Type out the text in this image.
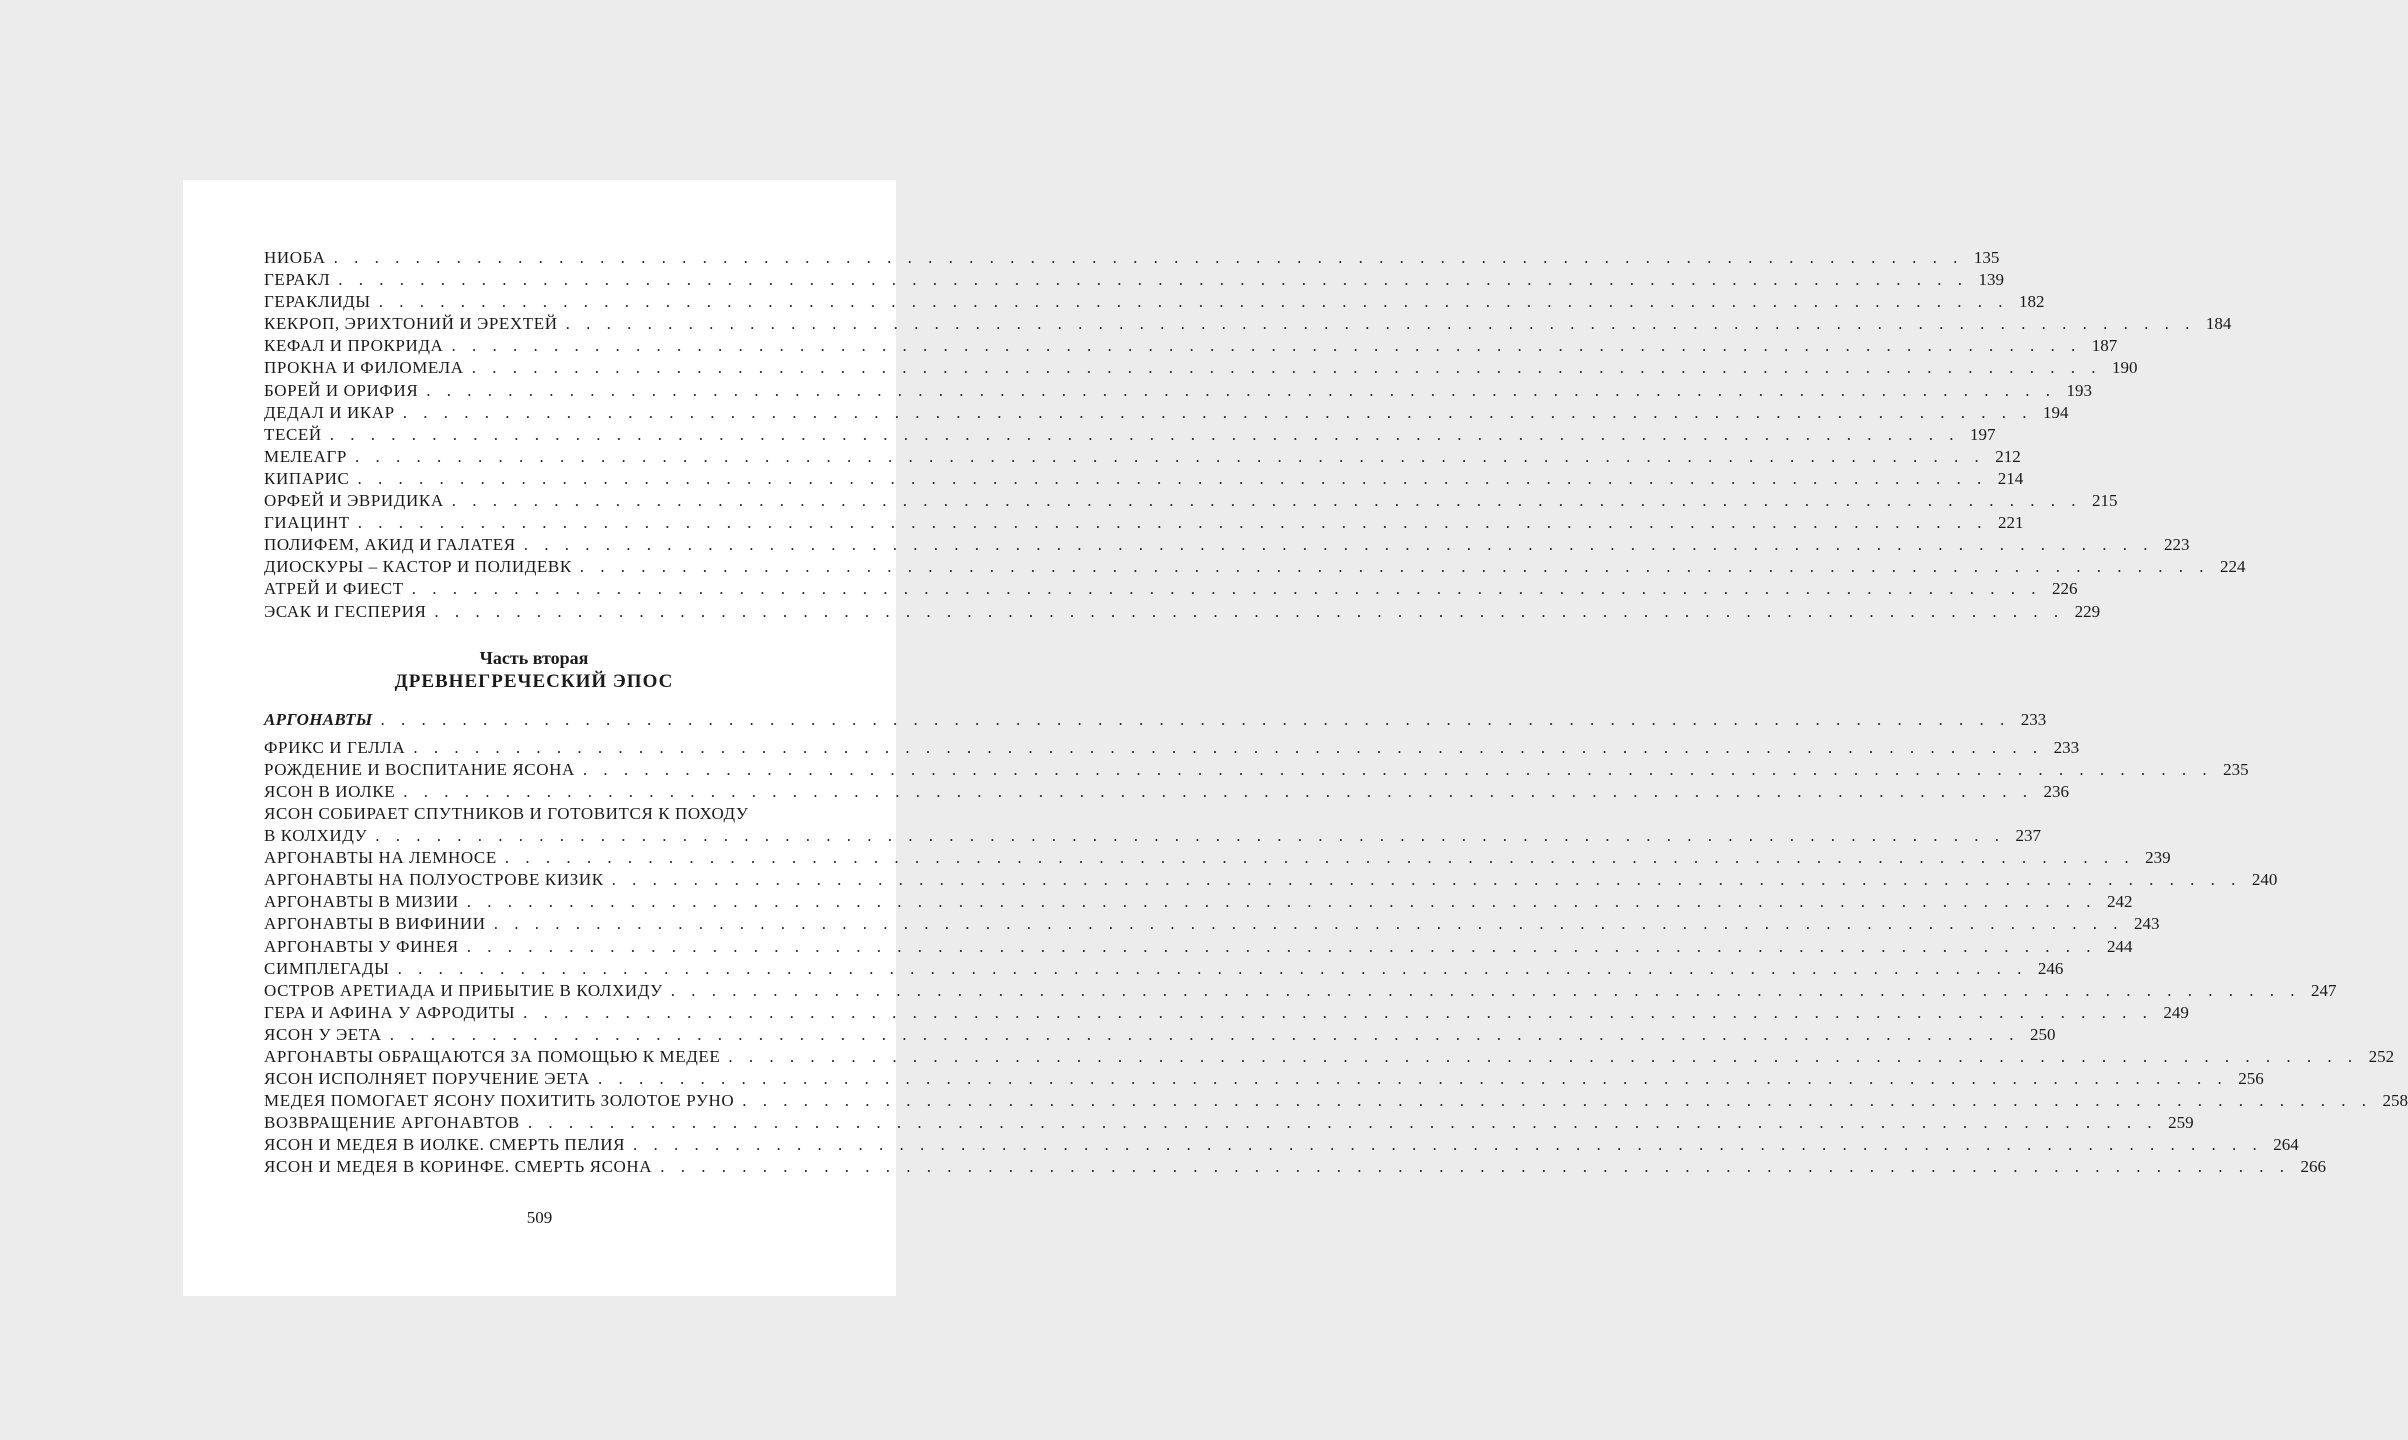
НИОБА . . . . . . . . . . . . . . . . . . . . . . . . . . . . . . . . . . . . . . . . . . . . . . . . . . . . . . . . . . . . . . . . . . . . . . . . . . . . . . . . 135
ГЕРАКЛ . . . . . . . . . . . . . . . . . . . . . . . . . . . . . . . . . . . . . . . . . . . . . . . . . . . . . . . . . . . . . . . . . . . . . . . . . . . . . . . . 139
ГЕРАКЛИДЫ . . . . . . . . . . . . . . . . . . . . . . . . . . . . . . . . . . . . . . . . . . . . . . . . . . . . . . . . . . . . . . . . . . . . . . . . . . . . . . . . 182
КЕКРОП, ЭРИХТОНИЙ И ЭРЕХТЕЙ . . . . . . . . . . . . . . . . . . . . . . . . . . . . . . . . . . . . . . . . . . . . . . . . . . . . . . . . . . . . . . . . . . . . . . . . . . . . . . . . 184
КЕФАЛ И ПРОКРИДА . . . . . . . . . . . . . . . . . . . . . . . . . . . . . . . . . . . . . . . . . . . . . . . . . . . . . . . . . . . . . . . . . . . . . . . . . . . . . . . . 187
ПРОКНА И ФИЛОМЕЛА . . . . . . . . . . . . . . . . . . . . . . . . . . . . . . . . . . . . . . . . . . . . . . . . . . . . . . . . . . . . . . . . . . . . . . . . . . . . . . . . 190
БОРЕЙ И ОРИФИЯ . . . . . . . . . . . . . . . . . . . . . . . . . . . . . . . . . . . . . . . . . . . . . . . . . . . . . . . . . . . . . . . . . . . . . . . . . . . . . . . . 193
ДЕДАЛ И ИКАР . . . . . . . . . . . . . . . . . . . . . . . . . . . . . . . . . . . . . . . . . . . . . . . . . . . . . . . . . . . . . . . . . . . . . . . . . . . . . . . . 194
ТЕСЕЙ . . . . . . . . . . . . . . . . . . . . . . . . . . . . . . . . . . . . . . . . . . . . . . . . . . . . . . . . . . . . . . . . . . . . . . . . . . . . . . . . 197
МЕЛЕАГР . . . . . . . . . . . . . . . . . . . . . . . . . . . . . . . . . . . . . . . . . . . . . . . . . . . . . . . . . . . . . . . . . . . . . . . . . . . . . . . . 212
КИПАРИС . . . . . . . . . . . . . . . . . . . . . . . . . . . . . . . . . . . . . . . . . . . . . . . . . . . . . . . . . . . . . . . . . . . . . . . . . . . . . . . . 214
ОРФЕЙ И ЭВРИДИКА . . . . . . . . . . . . . . . . . . . . . . . . . . . . . . . . . . . . . . . . . . . . . . . . . . . . . . . . . . . . . . . . . . . . . . . . . . . . . . . . 215
ГИАЦИНТ . . . . . . . . . . . . . . . . . . . . . . . . . . . . . . . . . . . . . . . . . . . . . . . . . . . . . . . . . . . . . . . . . . . . . . . . . . . . . . . . 221
ПОЛИФЕМ, АКИД И ГАЛАТЕЯ . . . . . . . . . . . . . . . . . . . . . . . . . . . . . . . . . . . . . . . . . . . . . . . . . . . . . . . . . . . . . . . . . . . . . . . . . . . . . . . . 223
ДИОСКУРЫ – КАСТОР И ПОЛИДЕВК . . . . . . . . . . . . . . . . . . . . . . . . . . . . . . . . . . . . . . . . . . . . . . . . . . . . . . . . . . . . . . . . . . . . . . . . . . . . . . . . 224
АТРЕЙ И ФИЕСТ . . . . . . . . . . . . . . . . . . . . . . . . . . . . . . . . . . . . . . . . . . . . . . . . . . . . . . . . . . . . . . . . . . . . . . . . . . . . . . . . 226
ЭСАК И ГЕСПЕРИЯ . . . . . . . . . . . . . . . . . . . . . . . . . . . . . . . . . . . . . . . . . . . . . . . . . . . . . . . . . . . . . . . . . . . . . . . . . . . . . . . . 229
Часть вторая
ДРЕВНЕГРЕЧЕСКИЙ ЭПОС
АРГОНАВТЫ . . . . . . . . . . . . . . . . . . . . . . . . . . . . . . . . . . . . . . . . . . . . . . . . . . . . . . . . . . . . . . . . . . . . . . . . . . . . . . . . 233
ФРИКС И ГЕЛЛА . . . . . . . . . . . . . . . . . . . . . . . . . . . . . . . . . . . . . . . . . . . . . . . . . . . . . . . . . . . . . . . . . . . . . . . . . . . . . . . . 233
РОЖДЕНИЕ И ВОСПИТАНИЕ ЯСОНА . . . . . . . . . . . . . . . . . . . . . . . . . . . . . . . . . . . . . . . . . . . . . . . . . . . . . . . . . . . . . . . . . . . . . . . . . . . . . . . . 235
ЯСОН В ИОЛКЕ . . . . . . . . . . . . . . . . . . . . . . . . . . . . . . . . . . . . . . . . . . . . . . . . . . . . . . . . . . . . . . . . . . . . . . . . . . . . . . . . 236
ЯСОН СОБИРАЕТ СПУТНИКОВ И ГОТОВИТСЯ К ПОХОДУ
В КОЛХИДУ . . . . . . . . . . . . . . . . . . . . . . . . . . . . . . . . . . . . . . . . . . . . . . . . . . . . . . . . . . . . . . . . . . . . . . . . . . . . . . . . 237
АРГОНАВТЫ НА ЛЕМНОСЕ . . . . . . . . . . . . . . . . . . . . . . . . . . . . . . . . . . . . . . . . . . . . . . . . . . . . . . . . . . . . . . . . . . . . . . . . . . . . . . . . 239
АРГОНАВТЫ НА ПОЛУОСТРОВЕ КИЗИК . . . . . . . . . . . . . . . . . . . . . . . . . . . . . . . . . . . . . . . . . . . . . . . . . . . . . . . . . . . . . . . . . . . . . . . . . . . . . . . . 240
АРГОНАВТЫ В МИЗИИ . . . . . . . . . . . . . . . . . . . . . . . . . . . . . . . . . . . . . . . . . . . . . . . . . . . . . . . . . . . . . . . . . . . . . . . . . . . . . . . . 242
АРГОНАВТЫ В ВИФИНИИ . . . . . . . . . . . . . . . . . . . . . . . . . . . . . . . . . . . . . . . . . . . . . . . . . . . . . . . . . . . . . . . . . . . . . . . . . . . . . . . . 243
АРГОНАВТЫ У ФИНЕЯ . . . . . . . . . . . . . . . . . . . . . . . . . . . . . . . . . . . . . . . . . . . . . . . . . . . . . . . . . . . . . . . . . . . . . . . . . . . . . . . . 244
СИМПЛЕГАДЫ . . . . . . . . . . . . . . . . . . . . . . . . . . . . . . . . . . . . . . . . . . . . . . . . . . . . . . . . . . . . . . . . . . . . . . . . . . . . . . . . 246
ОСТРОВ АРЕТИАДА И ПРИБЫТИЕ В КОЛХИДУ . . . . . . . . . . . . . . . . . . . . . . . . . . . . . . . . . . . . . . . . . . . . . . . . . . . . . . . . . . . . . . . . . . . . . . . . . . . . . . . . 247
ГЕРА И АФИНА У АФРОДИТЫ . . . . . . . . . . . . . . . . . . . . . . . . . . . . . . . . . . . . . . . . . . . . . . . . . . . . . . . . . . . . . . . . . . . . . . . . . . . . . . . . 249
ЯСОН У ЭЕТА . . . . . . . . . . . . . . . . . . . . . . . . . . . . . . . . . . . . . . . . . . . . . . . . . . . . . . . . . . . . . . . . . . . . . . . . . . . . . . . . 250
АРГОНАВТЫ ОБРАЩАЮТСЯ ЗА ПОМОЩЬЮ К МЕДЕЕ . . . . . . . . . . . . . . . . . . . . . . . . . . . . . . . . . . . . . . . . . . . . . . . . . . . . . . . . . . . . . . . . . . . . . . . . . . . . . . . . 252
ЯСОН ИСПОЛНЯЕТ ПОРУЧЕНИЕ ЭЕТА . . . . . . . . . . . . . . . . . . . . . . . . . . . . . . . . . . . . . . . . . . . . . . . . . . . . . . . . . . . . . . . . . . . . . . . . . . . . . . . . 256
МЕДЕЯ ПОМОГАЕТ ЯСОНУ ПОХИТИТЬ ЗОЛОТОЕ РУНО . . . . . . . . . . . . . . . . . . . . . . . . . . . . . . . . . . . . . . . . . . . . . . . . . . . . . . . . . . . . . . . . . . . . . . . . . . . . . . . . 258
ВОЗВРАЩЕНИЕ АРГОНАВТОВ . . . . . . . . . . . . . . . . . . . . . . . . . . . . . . . . . . . . . . . . . . . . . . . . . . . . . . . . . . . . . . . . . . . . . . . . . . . . . . . . 259
ЯСОН И МЕДЕЯ В ИОЛКЕ. СМЕРТЬ ПЕЛИЯ . . . . . . . . . . . . . . . . . . . . . . . . . . . . . . . . . . . . . . . . . . . . . . . . . . . . . . . . . . . . . . . . . . . . . . . . . . . . . . . . 264
ЯСОН И МЕДЕЯ В КОРИНФЕ. СМЕРТЬ ЯСОНА . . . . . . . . . . . . . . . . . . . . . . . . . . . . . . . . . . . . . . . . . . . . . . . . . . . . . . . . . . . . . . . . . . . . . . . . . . . . . . . . 266
509
